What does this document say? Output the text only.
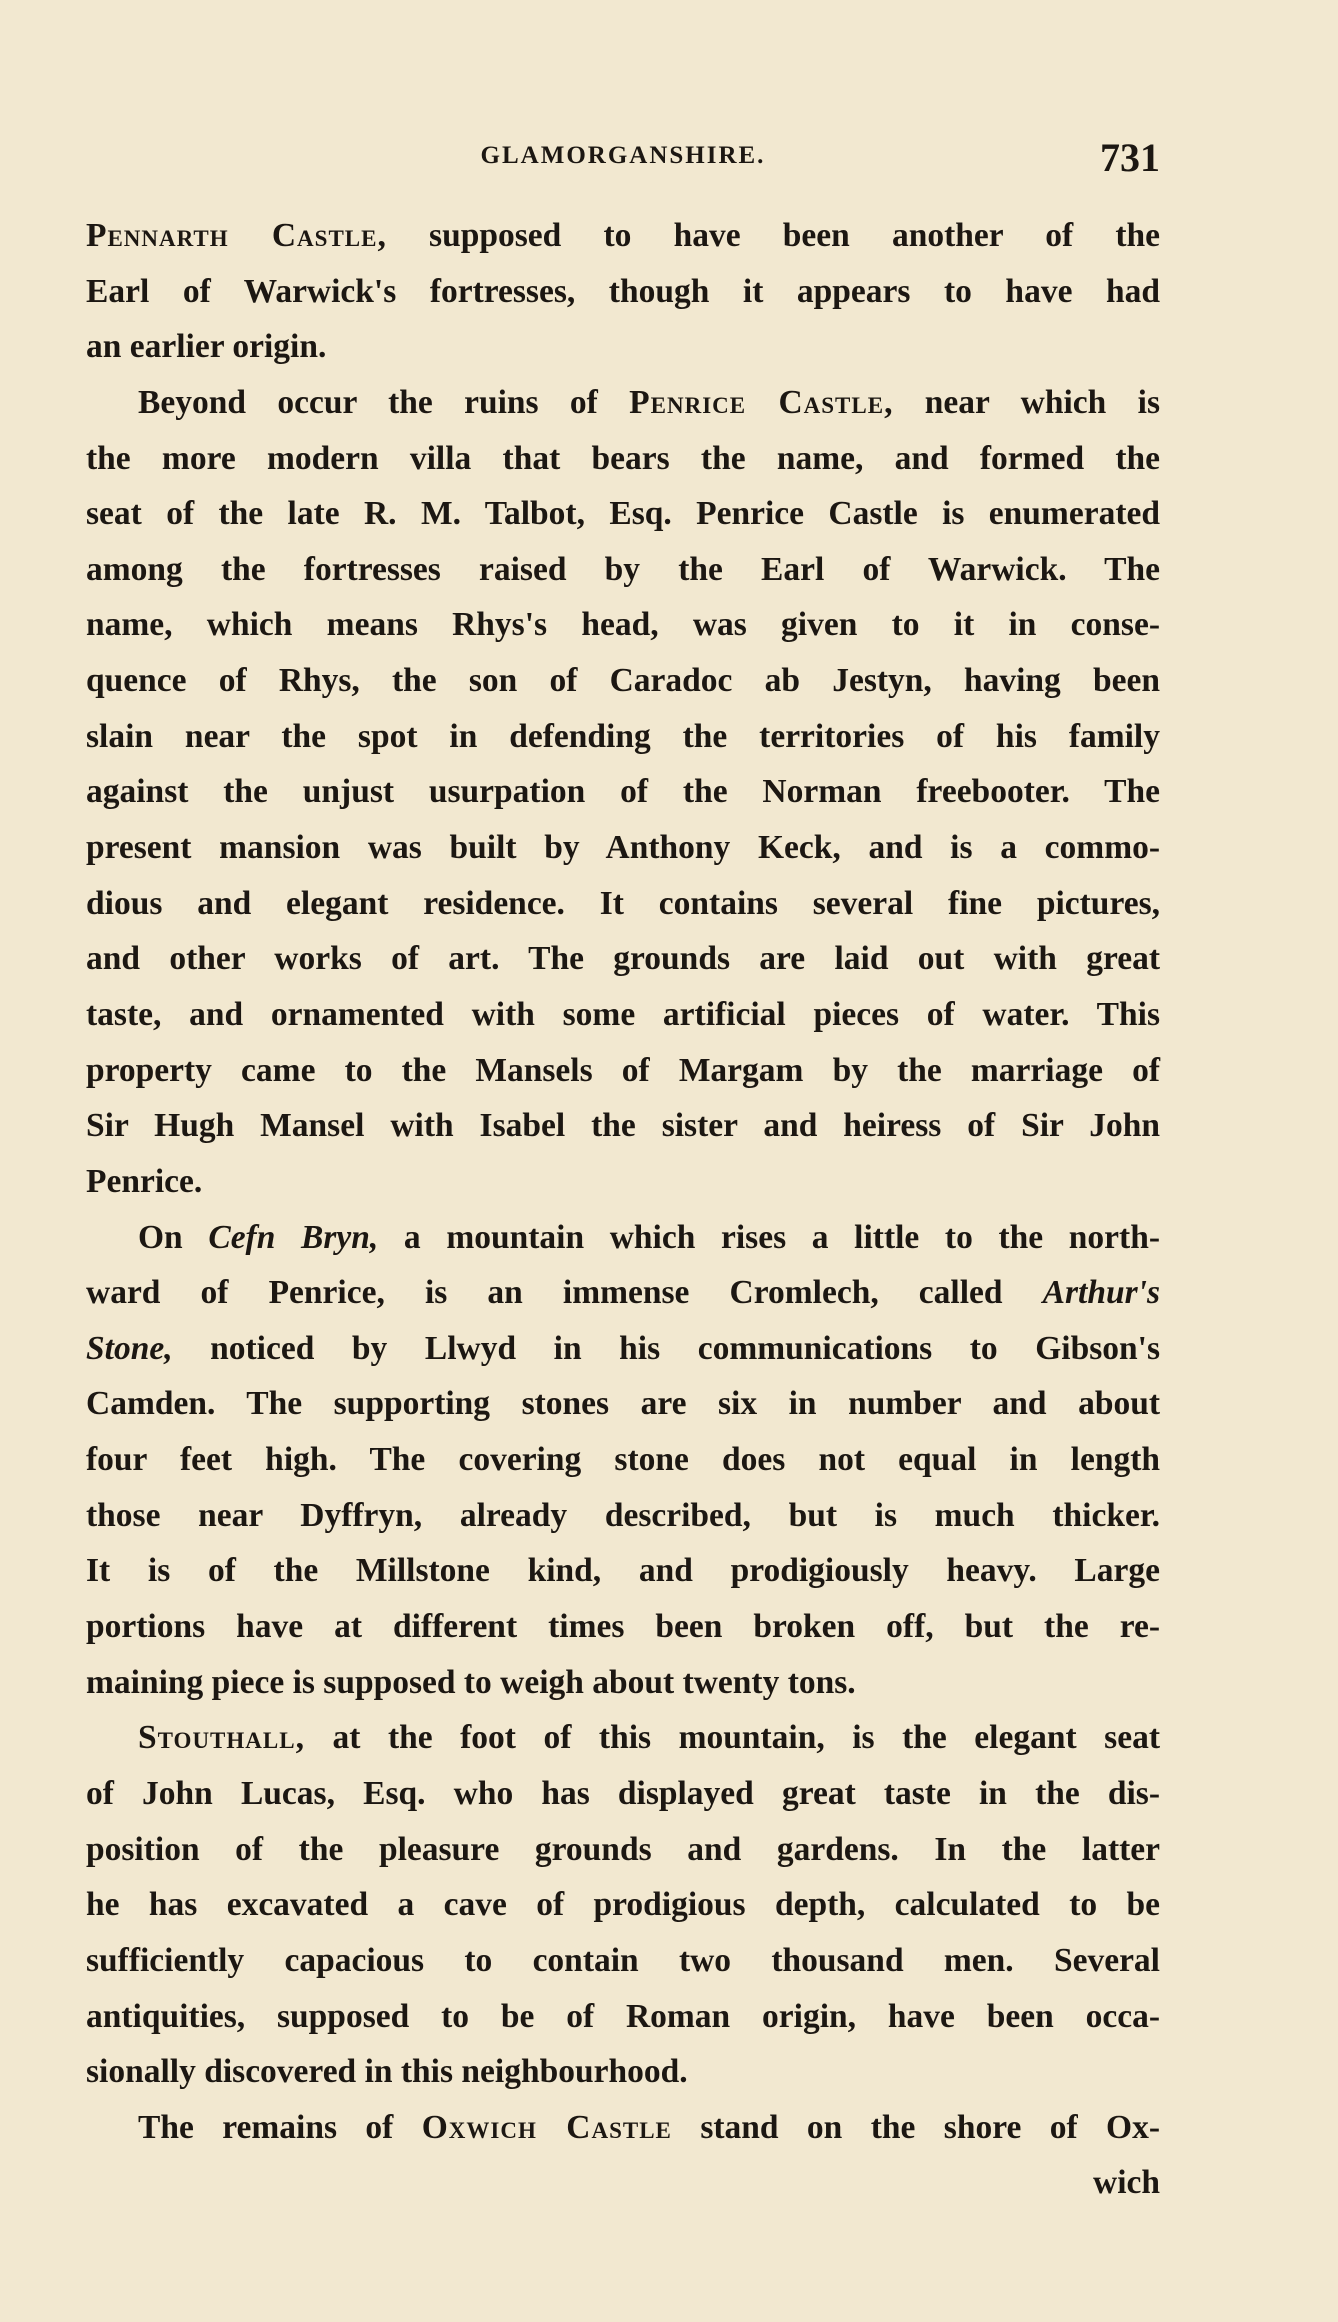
GLAMORGANSHIRE.	731
Pennarth Castle, supposed to have been another of the
Earl of Warwick's fortresses, though it appears to have had
an earlier origin.
Beyond occur the ruins of Penrice Castle, near which is
the more modern villa that bears the name, and formed the
seat of the late R. M. Talbot, Esq. Penrice Castle is enumerated
among the fortresses raised by the Earl of Warwick. The
name, which means Rhys's head, was given to it in conse-
quence of Rhys, the son of Caradoc ab Jestyn, having been
slain near the spot in defending the territories of his family
against the unjust usurpation of the Norman freebooter. The
present mansion was built by Anthony Keck, and is a commo-
dious and elegant residence. It contains several fine pictures,
and other works of art. The grounds are laid out with great
taste, and ornamented with some artificial pieces of water. This
property came to the Mansels of Margam by the marriage of
Sir Hugh Mansel with Isabel the sister and heiress of Sir John
Penrice.
On Cefn Bryn, a mountain which rises a little to the north-
ward of Penrice, is an immense Cromlech, called Arthur's
Stone, noticed by Llwyd in his communications to Gibson's
Camden. The supporting stones are six in number and about
four feet high. The covering stone does not equal in length
those near Dyffryn, already described, but is much thicker.
It is of the Millstone kind, and prodigiously heavy. Large
portions have at different times been broken off, but the re-
maining piece is supposed to weigh about twenty tons.
Stouthall, at the foot of this mountain, is the elegant seat
of John Lucas, Esq. who has displayed great taste in the dis-
position of the pleasure grounds and gardens. In the latter
he has excavated a cave of prodigious depth, calculated to be
sufficiently capacious to contain two thousand men. Several
antiquities, supposed to be of Roman origin, have been occa-
sionally discovered in this neighbourhood.
The remains of Oxwich Castle stand on the shore of Ox-
wich
